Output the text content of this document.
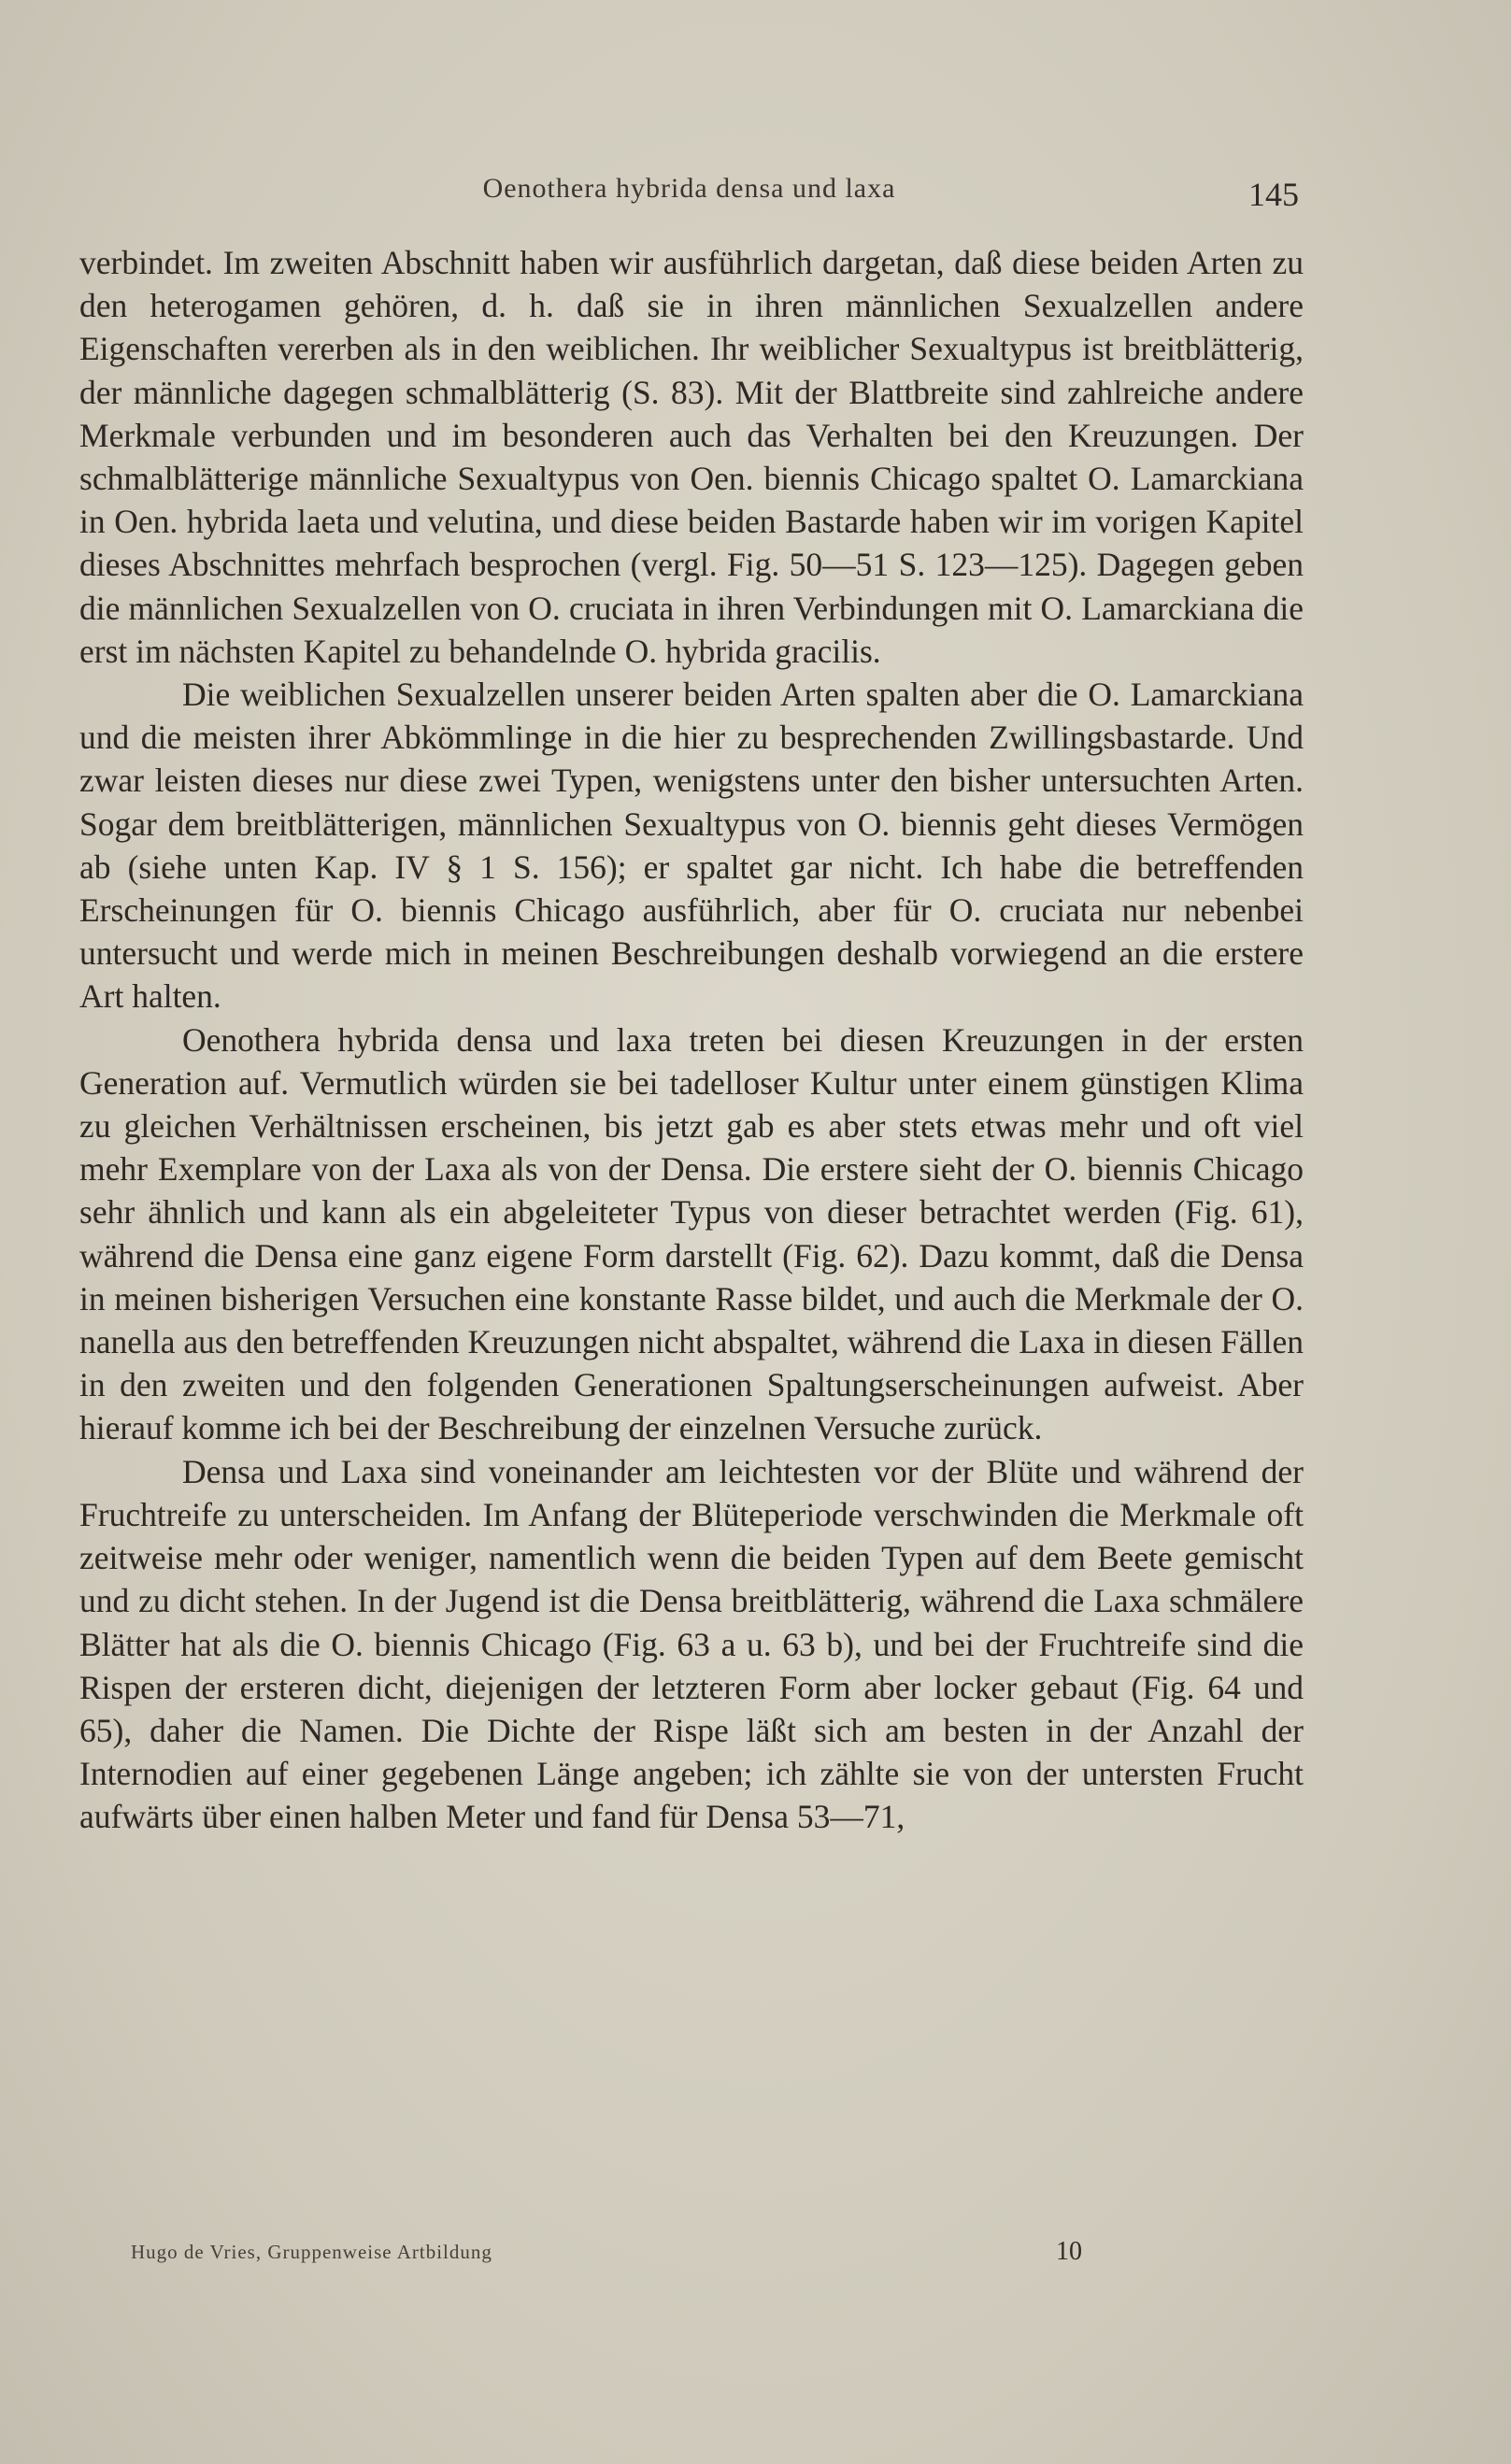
Oenothera hybrida densa und laxa	145

verbindet. Im zweiten Abschnitt haben wir ausführlich dargetan, daß diese beiden Arten zu den heterogamen gehören, d. h. daß sie in ihren männlichen Sexualzellen andere Eigenschaften vererben als in den weiblichen. Ihr weiblicher Sexualtypus ist breitblätterig, der männliche dagegen schmalblätterig (S. 83). Mit der Blattbreite sind zahlreiche andere Merkmale verbunden und im besonderen auch das Verhalten bei den Kreuzungen. Der schmalblätterige männliche Sexualtypus von Oen. biennis Chicago spaltet O. Lamarckiana in Oen. hybrida laeta und velutina, und diese beiden Bastarde haben wir im vorigen Kapitel dieses Abschnittes mehrfach besprochen (vergl. Fig. 50—51 S. 123—125). Dagegen geben die männlichen Sexualzellen von O. cruciata in ihren Verbindungen mit O. Lamarckiana die erst im nächsten Kapitel zu behandelnde O. hybrida gracilis.

Die weiblichen Sexualzellen unserer beiden Arten spalten aber die O. Lamarckiana und die meisten ihrer Abkömmlinge in die hier zu besprechenden Zwillingsbastarde. Und zwar leisten dieses nur diese zwei Typen, wenigstens unter den bisher untersuchten Arten. Sogar dem breitblätterigen, männlichen Sexualtypus von O. biennis geht dieses Vermögen ab (siehe unten Kap. IV § 1 S. 156); er spaltet gar nicht. Ich habe die betreffenden Erscheinungen für O. biennis Chicago ausführlich, aber für O. cruciata nur nebenbei untersucht und werde mich in meinen Beschreibungen deshalb vorwiegend an die erstere Art halten.

Oenothera hybrida densa und laxa treten bei diesen Kreuzungen in der ersten Generation auf. Vermutlich würden sie bei tadelloser Kultur unter einem günstigen Klima zu gleichen Verhältnissen erscheinen, bis jetzt gab es aber stets etwas mehr und oft viel mehr Exemplare von der Laxa als von der Densa. Die erstere sieht der O. biennis Chicago sehr ähnlich und kann als ein abgeleiteter Typus von dieser betrachtet werden (Fig. 61), während die Densa eine ganz eigene Form darstellt (Fig. 62). Dazu kommt, daß die Densa in meinen bisherigen Versuchen eine konstante Rasse bildet, und auch die Merkmale der O. nanella aus den betreffenden Kreuzungen nicht abspaltet, während die Laxa in diesen Fällen in den zweiten und den folgenden Generationen Spaltungserscheinungen aufweist. Aber hierauf komme ich bei der Beschreibung der einzelnen Versuche zurück.

Densa und Laxa sind voneinander am leichtesten vor der Blüte und während der Fruchtreife zu unterscheiden. Im Anfang der Blüteperiode verschwinden die Merkmale oft zeitweise mehr oder weniger, namentlich wenn die beiden Typen auf dem Beete gemischt und zu dicht stehen. In der Jugend ist die Densa breitblätterig, während die Laxa schmälere Blätter hat als die O. biennis Chicago (Fig. 63 a u. 63 b), und bei der Fruchtreife sind die Rispen der ersteren dicht, diejenigen der letzteren Form aber locker gebaut (Fig. 64 und 65), daher die Namen. Die Dichte der Rispe läßt sich am besten in der Anzahl der Internodien auf einer gegebenen Länge angeben; ich zählte sie von der untersten Frucht aufwärts über einen halben Meter und fand für Densa 53—71,

Hugo de Vries, Gruppenweise Artbildung	10
